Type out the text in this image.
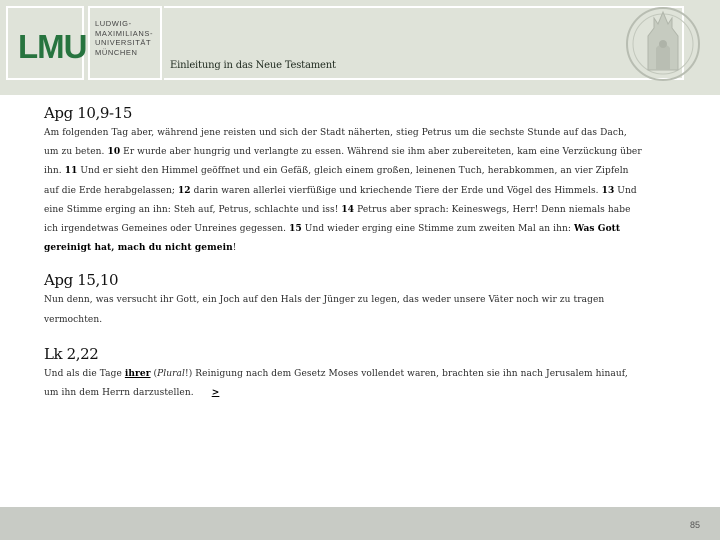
LMU
LUDWIG-
MAXIMILIANS-
UNIVERSITÄT
MÜNCHEN
Einleitung in das Neue Testament
Apg 10,9-15

Am folgenden Tag aber, während jene reisten und sich der Stadt näherten, stieg Petrus um die sechste Stunde auf das Dach, um zu beten. 10 Er wurde aber hungrig und verlangte zu essen. Während sie ihm aber zubereiteten, kam eine Verzückung über ihn. 11 Und er sieht den Himmel geöffnet und ein Gefäß, gleich einem großen, leinenen Tuch, herabkommen, an vier Zipfeln auf die Erde herabgelassen; 12 darin waren allerlei vierfüßige und kriechende Tiere der Erde und Vögel des Himmels. 13 Und eine Stimme erging an ihn: Steh auf, Petrus, schlachte und iss! 14 Petrus aber sprach: Keineswegs, Herr! Denn niemals habe ich irgendetwas Gemeines oder Unreines gegessen. 15 Und wieder erging eine Stimme zum zweiten Mal an ihn: Was Gott gereinigt hat, mach du nicht gemein!

Apg 15,10

Nun denn, was versucht ihr Gott, ein Joch auf den Hals der Jünger zu legen, das weder unsere Väter noch wir zu tragen vermochten.

Lk 2,22

Und als die Tage ihrer (Plural!) Reinigung nach dem Gesetz Moses vollendet waren, brachten sie ihn nach Jerusalem hinauf, um ihn dem Herrn darzustellen. >

85
